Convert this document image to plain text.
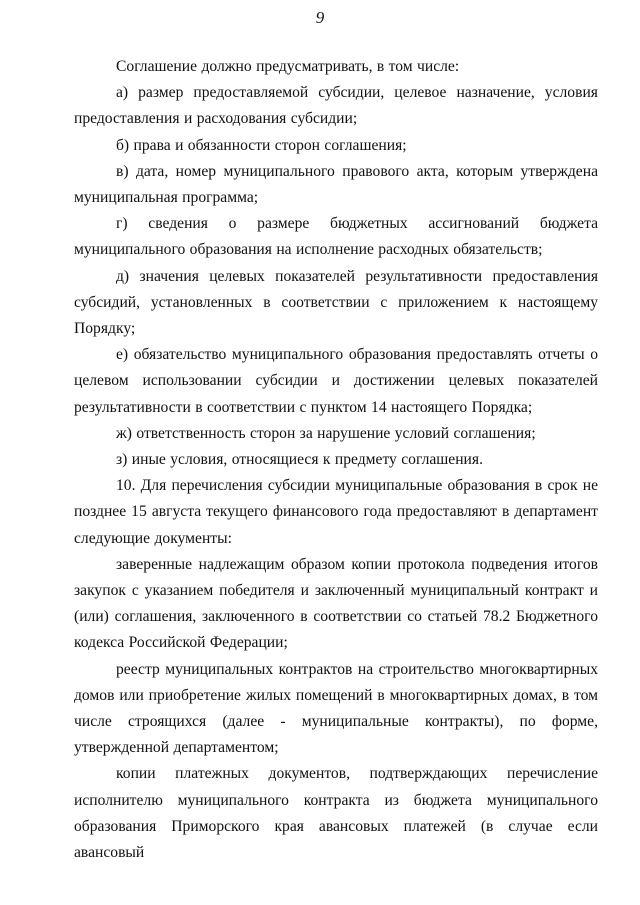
9

Соглашение должно предусматривать, в том числе:

а) размер предоставляемой субсидии, целевое назначение, условия предоставления и расходования субсидии;

б) права и обязанности сторон соглашения;

в) дата, номер муниципального правового акта, которым утверждена муниципальная программа;

г) сведения о размере бюджетных ассигнований бюджета муниципального образования на исполнение расходных обязательств;

д) значения целевых показателей результативности предоставления субсидий, установленных в соответствии с приложением к настоящему Порядку;

е) обязательство муниципального образования предоставлять отчеты о целевом использовании субсидии и достижении целевых показателей результативности в соответствии с пунктом 14 настоящего Порядка;

ж) ответственность сторон за нарушение условий соглашения;

з) иные условия, относящиеся к предмету соглашения.

10. Для перечисления субсидии муниципальные образования в срок не позднее 15 августа текущего финансового года предоставляют в департамент следующие документы:

заверенные надлежащим образом копии протокола подведения итогов закупок с указанием победителя и заключенный муниципальный контракт и (или) соглашения, заключенного в соответствии со статьей 78.2 Бюджетного кодекса Российской Федерации;

реестр муниципальных контрактов на строительство многоквартирных домов или приобретение жилых помещений в многоквартирных домах, в том числе строящихся (далее - муниципальные контракты), по форме, утвержденной департаментом;

копии платежных документов, подтверждающих перечисление исполнителю муниципального контракта из бюджета муниципального образования Приморского края авансовых платежей (в случае если авансовый
